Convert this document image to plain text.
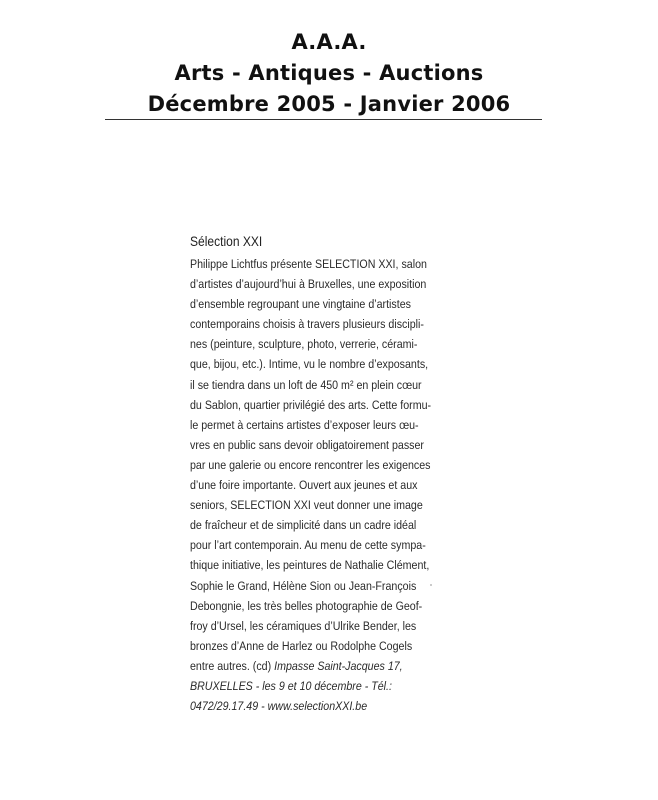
A.A.A.
Arts - Antiques - Auctions
Décembre 2005 - Janvier 2006
Sélection XXI
Philippe Lichtfus présente SELECTION XXI, salon
d’artistes d’aujourd’hui à Bruxelles, une exposition
d’ensemble regroupant une vingtaine d’artistes
contemporains choisis à travers plusieurs discipli-
nes (peinture, sculpture, photo, verrerie, cérami-
que, bijou, etc.). Intime, vu le nombre d’exposants,
il se tiendra dans un loft de 450 m² en plein cœur
du Sablon, quartier privilégié des arts. Cette formu-
le permet à certains artistes d’exposer leurs œu-
vres en public sans devoir obligatoirement passer
par une galerie ou encore rencontrer les exigences
d’une foire importante. Ouvert aux jeunes et aux
seniors, SELECTION XXI veut donner une image
de fraîcheur et de simplicité dans un cadre idéal
pour l’art contemporain. Au menu de cette sympa-
thique initiative, les peintures de Nathalie Clément,
Sophie le Grand, Hélène Sion ou Jean-François
Debongnie, les très belles photographie de Geof-
froy d’Ursel, les céramiques d’Ulrike Bender, les
bronzes d’Anne de Harlez ou Rodolphe Cogels
entre autres. (cd) Impasse Saint-Jacques 17,
BRUXELLES - les 9 et 10 décembre - Tél.:
0472/29.17.49 - www.selectionXXI.be
